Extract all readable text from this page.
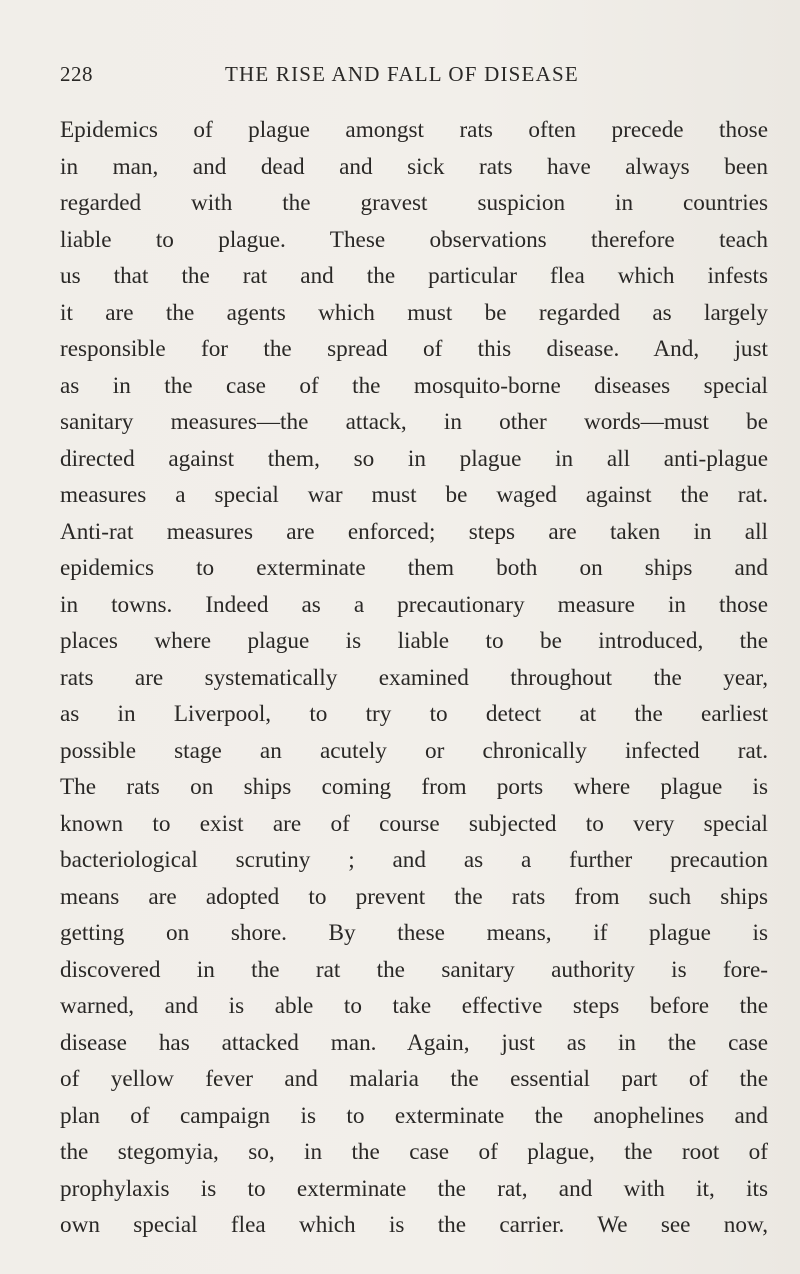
228	THE RISE AND FALL OF DISEASE
Epidemics of plague amongst rats often precede those
in man, and dead and sick rats have always been
regarded with the gravest suspicion in countries
liable to plague. These observations therefore teach
us that the rat and the particular flea which infests
it are the agents which must be regarded as largely
responsible for the spread of this disease. And, just
as in the case of the mosquito-borne diseases special
sanitary measures—the attack, in other words—must be
directed against them, so in plague in all anti-plague
measures a special war must be waged against the rat.
Anti-rat measures are enforced; steps are taken in all
epidemics to exterminate them both on ships and
in towns. Indeed as a precautionary measure in those
places where plague is liable to be introduced, the
rats are systematically examined throughout the year,
as in Liverpool, to try to detect at the earliest
possible stage an acutely or chronically infected rat.
The rats on ships coming from ports where plague is
known to exist are of course subjected to very special
bacteriological scrutiny ; and as a further precaution
means are adopted to prevent the rats from such ships
getting on shore. By these means, if plague is
discovered in the rat the sanitary authority is fore-
warned, and is able to take effective steps before the
disease has attacked man. Again, just as in the case
of yellow fever and malaria the essential part of the
plan of campaign is to exterminate the anophelines and
the stegomyia, so, in the case of plague, the root of
prophylaxis is to exterminate the rat, and with it, its
own special flea which is the carrier. We see now,
